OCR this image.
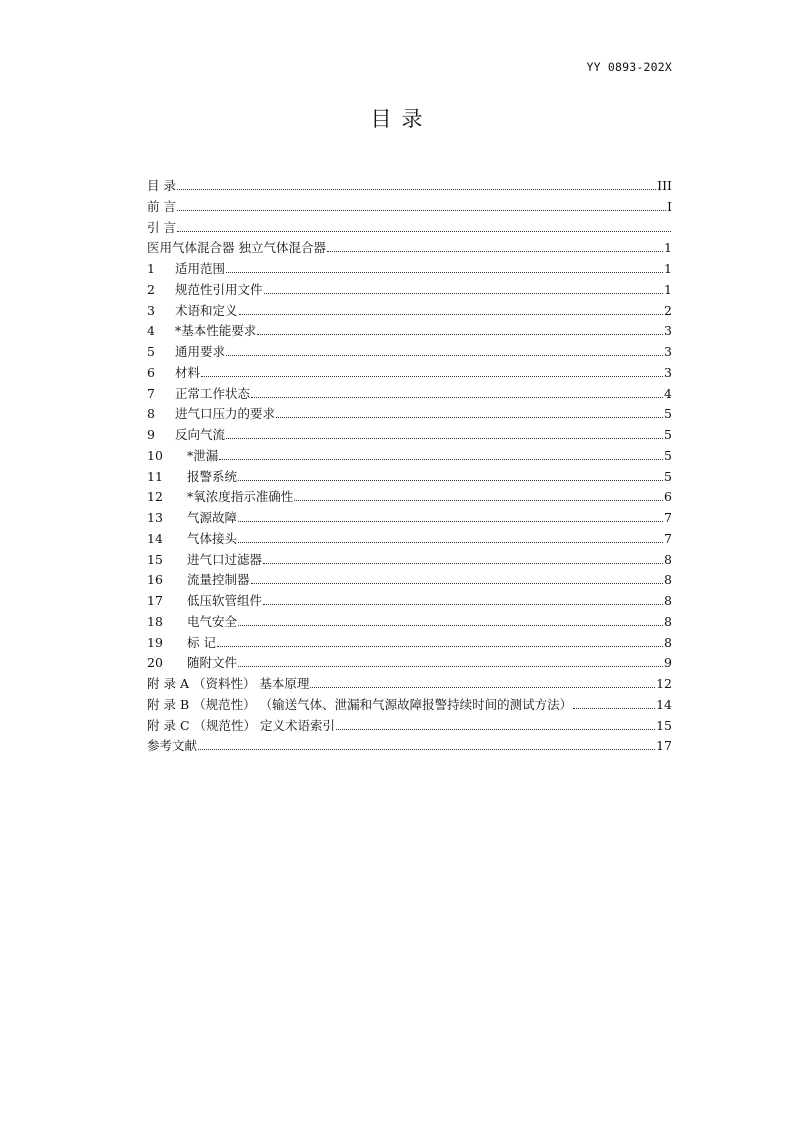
YY 0893-202X
目录
目 录	III
前 言	I
引 言
医用气体混合器 独立气体混合器	1
1	适用范围	1
2	规范性引用文件	1
3	术语和定义	2
4	*基本性能要求	3
5	通用要求	3
6	材料	3
7	正常工作状态	4
8	进气口压力的要求	5
9	反向气流	5
10	*泄漏	5
11	报警系统	5
12	*氧浓度指示准确性	6
13	气源故障	7
14	气体接头	7
15	进气口过滤器	8
16	流量控制器	8
17	低压软管组件	8
18	电气安全	8
19	标 记	8
20	随附文件	9
附 录 A （资料性） 基本原理	12
附 录 B （规范性） （输送气体、泄漏和气源故障报警持续时间的测试方法）	14
附 录 C （规范性） 定义术语索引	15
参考文献	17
